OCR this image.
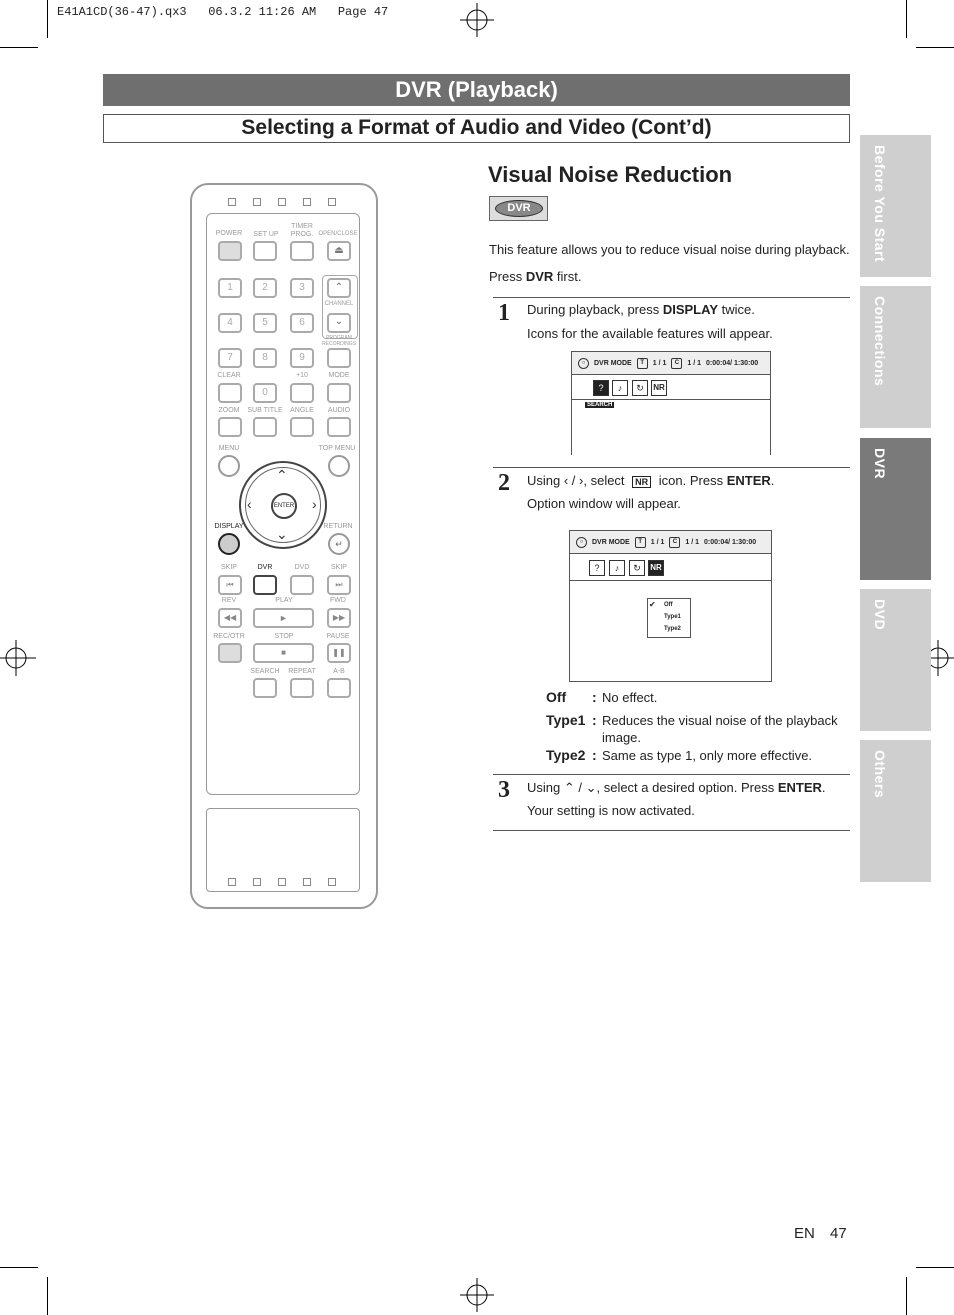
E41A1CD(36-47).qx3   06.3.2 11:26 AM   Page 47
DVR (Playback)
Selecting a Format of Audio and Video (Cont’d)
Before You Start
Connections
DVR
DVD
Others
POWER	SET UP
TIMER PROG. OPEN/CLOSE
⏏
1	2	3
4	5	6
7	8	9
0
⌃
CHANNEL
⌄
PROGRAM RECORDINGS
CLEAR	+10	MODE
ZOOM	SUB TITLE	ANGLE	AUDIO
MENU	TOP MENU
ENTER
⌃
⌄
‹	›
DISPLAY	RETURN
↵
SKIP	DVR	DVD	SKIP
⏮	⏭
REV	PLAY	FWD
◀◀	►	▶▶
REC/OTR	STOP	PAUSE
■	❚❚
SEARCH	REPEAT	A-B
Visual Noise Reduction
DVR
This feature allows you to reduce visual noise during playback.
Press DVR first.
1 During playback, press DISPLAY twice.
Icons for the available features will appear.
○	DVR MODE	T	1 / 1	C	1 / 1 0:00:04/ 1:30:00
?	♪	↻	NR
SEARCH
2 Using ‹ / ›, select NR icon. Press ENTER.
Option window will appear.
○	DVR MODE	T	1 / 1	C	1 / 1 0:00:04/ 1:30:00
?	♪	↻	NR
✔ Off
Type1
Type2
Off : No effect.
Type1 : Reduces the visual noise of the playback
image.
Type2 : Same as type 1, only more effective.
3 Using ⌃ / ⌄, select a desired option. Press ENTER.
Your setting is now activated.
EN 47
